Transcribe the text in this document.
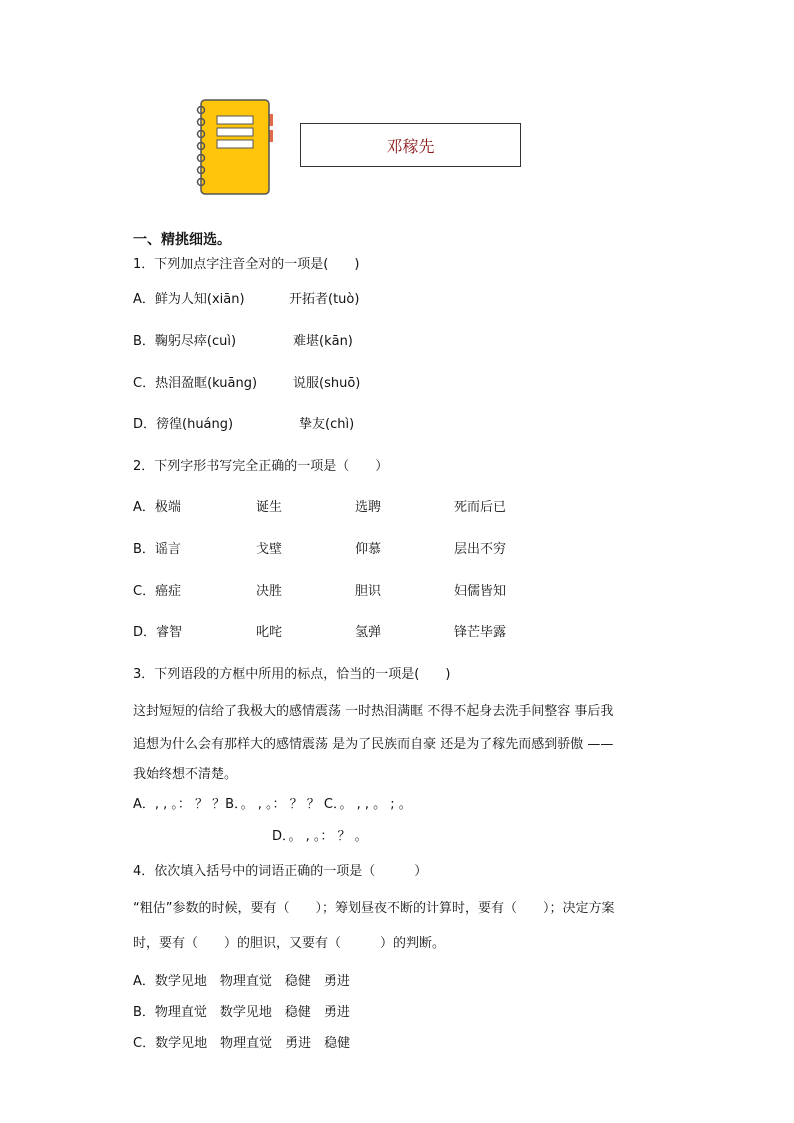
邓稼先
一、精挑细选。
1．下列加点字注音全对的一项是(　　)
A．鲜为人知(xiān)	开拓者(tuò)
B．鞠躬尽瘁(cuì)	难堪(kān)
C．热泪盈眶(kuāng)	说服(shuō)
D．徬徨(huáng)	挚友(chì)
2．下列字形书写完全正确的一项是（　　）
A．极端	诞生	选聘	死而后已
B．谣言	戈壁	仰慕	层出不穷
C．癌症	决胜	胆识	妇儒皆知
D．睿智	叱咤	氢弹	锋芒毕露
3．下列语段的方框中所用的标点，恰当的一项是(　　)
这封短短的信给了我极大的感情震荡 一时热泪满眶 不得不起身去洗手间整容 事后我
追想为什么会有那样大的感情震荡 是为了民族而自豪 还是为了稼先而感到骄傲 ——
我始终想不清楚。
A．, , 。： ？ ？B．。 , 。： ？ ？ C．。 , , 。 ; 。
D．。 , 。： ？ 。
4．依次填入括号中的词语正确的一项是（　　　）
“粗估”参数的时候，要有（　　）；筹划昼夜不断的计算时，要有（　　）；决定方案
时，要有（　　）的胆识，又要有（　　　）的判断。
A．数学见地　物理直觉　稳健　勇进
B．物理直觉　数学见地　稳健　勇进
C．数学见地　物理直觉　勇进　稳健
